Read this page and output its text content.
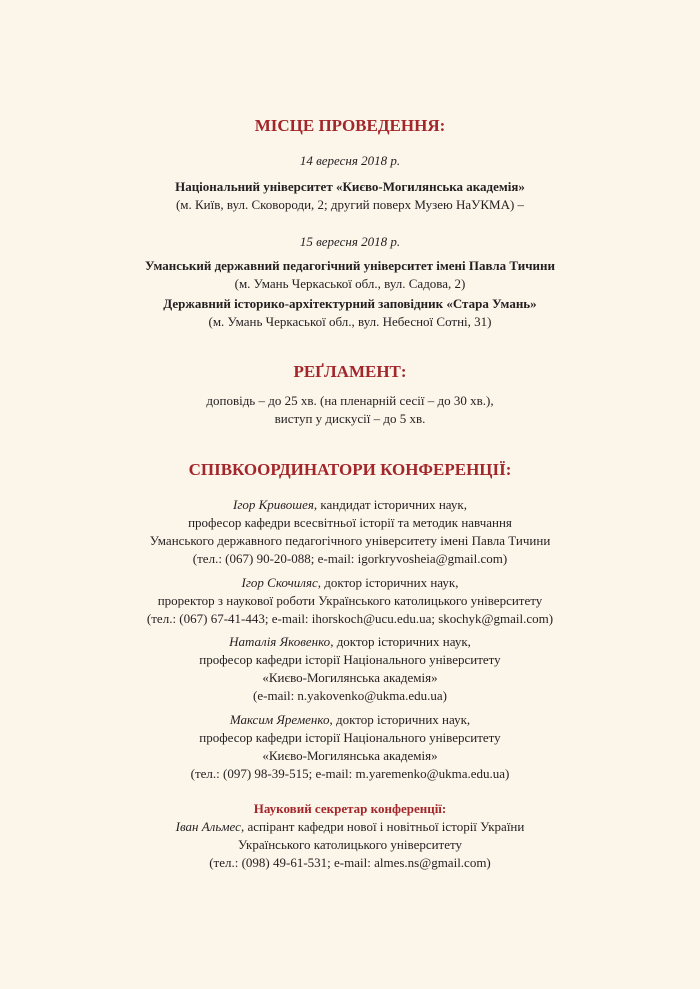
МІСЦЕ ПРОВЕДЕННЯ:
14 вересня 2018 р.
Національний університет «Києво-Могилянська академія»
(м. Київ, вул. Сковороди, 2; другий поверх Музею НаУКМА) –
15 вересня 2018 р.
Уманський державний педагогічний університет імені Павла Тичини
(м. Умань Черкаської обл., вул. Садова, 2)
Державний історико-архітектурний заповідник «Стара Умань»
(м. Умань Черкаської обл., вул. Небесної Сотні, 31)
РЕҐЛАМЕНТ:
доповідь – до 25 хв. (на пленарній сесії – до 30 хв.),
виступ у дискусії – до 5 хв.
СПІВКООРДИНАТОРИ КОНФЕРЕНЦІЇ:
Ігор Кривошея, кандидат історичних наук,
професор кафедри всесвітньої історії та методик навчання
Уманського державного педагогічного університету імені Павла Тичини
(тел.: (067) 90-20-088; e-mail: igorkryvosheia@gmail.com)
Ігор Скочиляс, доктор історичних наук,
проректор з наукової роботи Українського католицького університету
(тел.: (067) 67-41-443; e-mail: ihorskoch@ucu.edu.ua; skochyk@gmail.com)
Наталія Яковенко, доктор історичних наук,
професор кафедри історії Національного університету
«Києво-Могилянська академія»
(e-mail: n.yakovenko@ukma.edu.ua)
Максим Яременко, доктор історичних наук,
професор кафедри історії Національного університету
«Києво-Могилянська академія»
(тел.: (097) 98-39-515; e-mail: m.yaremenko@ukma.edu.ua)
Науковий секретар конференції:
Іван Альмес, аспірант кафедри нової і новітньої історії України
Українського католицького університету
(тел.: (098) 49-61-531; e-mail: almes.ns@gmail.com)
